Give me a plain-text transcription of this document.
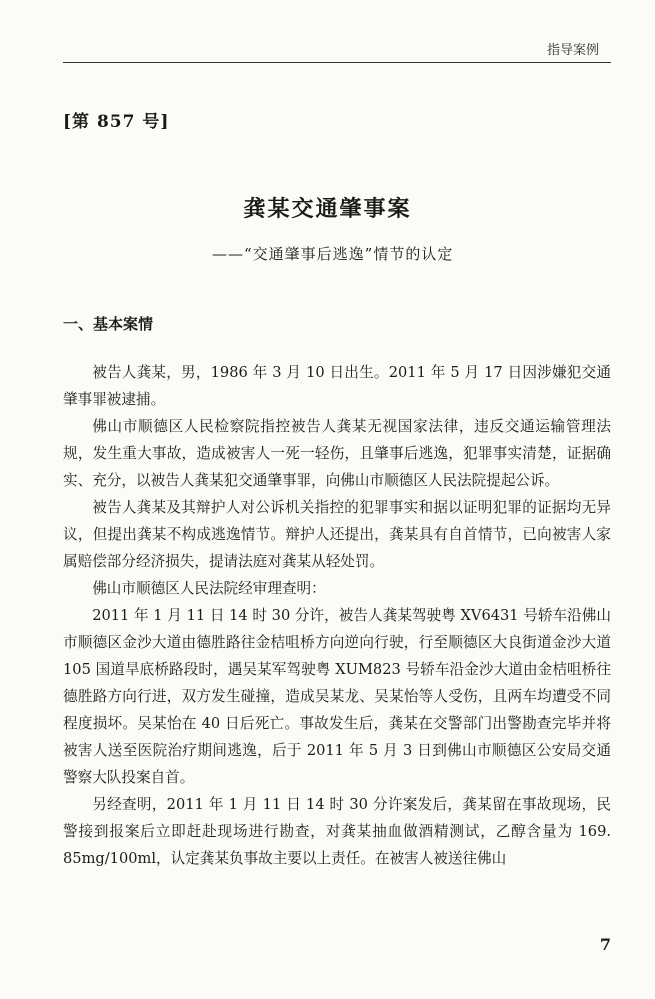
指导案例
[第 857 号]
龚某交通肇事案
——“交通肇事后逃逸”情节的认定
一、基本案情

被告人龚某，男，1986 年 3 月 10 日出生。2011 年 5 月 17 日因涉嫌犯交通肇事罪被逮捕。

佛山市顺德区人民检察院指控被告人龚某无视国家法律，违反交通运输管理法规，发生重大事故，造成被害人一死一轻伤，且肇事后逃逸，犯罪事实清楚，证据确实、充分，以被告人龚某犯交通肇事罪，向佛山市顺德区人民法院提起公诉。

被告人龚某及其辩护人对公诉机关指控的犯罪事实和据以证明犯罪的证据均无异议，但提出龚某不构成逃逸情节。辩护人还提出，龚某具有自首情节，已向被害人家属赔偿部分经济损失，提请法庭对龚某从轻处罚。

佛山市顺德区人民法院经审理查明：

2011 年 1 月 11 日 14 时 30 分许，被告人龚某驾驶粤 XV6431 号轿车沿佛山市顺德区金沙大道由德胜路往金桔咀桥方向逆向行驶，行至顺德区大良街道金沙大道 105 国道旱底桥路段时，遇吴某军驾驶粤 XUM823 号轿车沿金沙大道由金桔咀桥往德胜路方向行进，双方发生碰撞，造成吴某龙、吴某怡等人受伤，且两车均遭受不同程度损坏。吴某怡在 40 日后死亡。事故发生后，龚某在交警部门出警勘查完毕并将被害人送至医院治疗期间逃逸，后于 2011 年 5 月 3 日到佛山市顺德区公安局交通警察大队投案自首。

另经查明，2011 年 1 月 11 日 14 时 30 分许案发后，龚某留在事故现场，民警接到报案后立即赶赴现场进行勘查，对龚某抽血做酒精测试，乙醇含量为 169. 85mg/100ml，认定龚某负事故主要以上责任。在被害人被送往佛山

7
